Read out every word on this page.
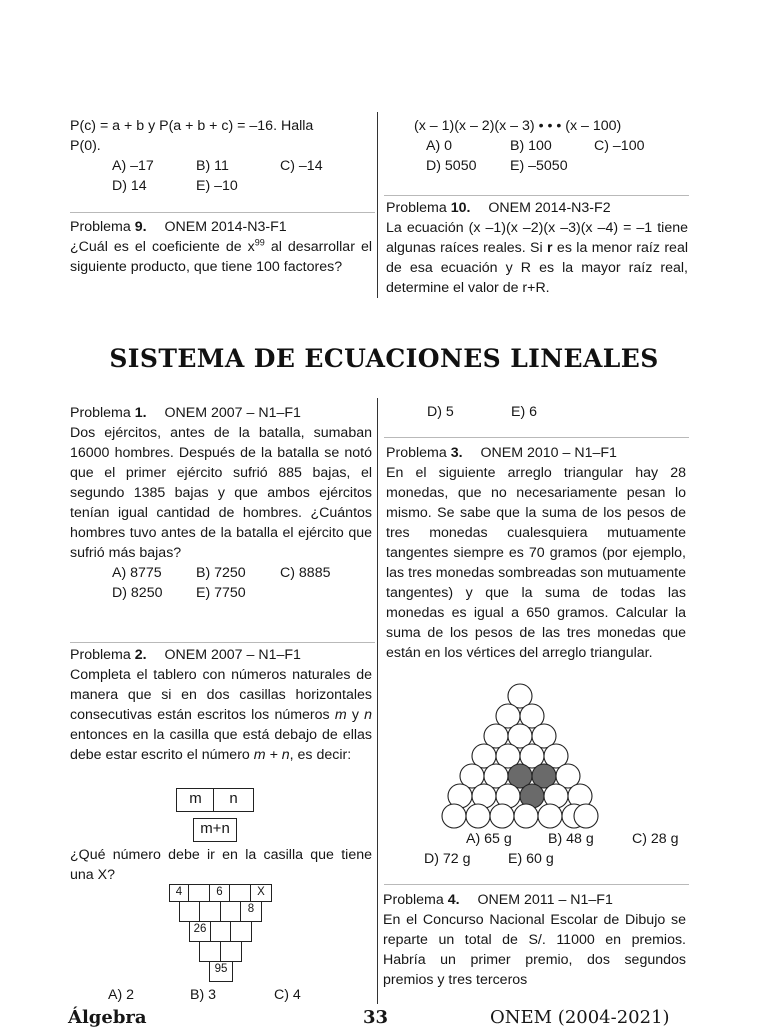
P(c) = a + b y P(a + b + c) = –16. Halla
P(0).
A) –17	B) 11	C) –14
D) 14	E) –10
Problema 9. ONEM 2014-N3-F1

¿Cuál es el coeficiente de $x^{99}$ al desarrollar el siguiente producto, que tiene 100 factores?

(x – 1)(x – 2)(x – 3) • • • (x – 100)
A) 0	B) 100	C) –100
D) 5050 E) –5050
Problema 10. ONEM 2014-N3-F2

La ecuación (x –1)(x –2)(x –3)(x –4) = –1 tiene algunas raíces reales. Si r es la menor raíz real de esa ecuación y R es la mayor raíz real, determine el valor de r+R.

SISTEMA DE ECUACIONES LINEALES
Problema 1. ONEM 2007 – N1–F1

Dos ejércitos, antes de la batalla, sumaban 16000 hombres. Después de la batalla se notó que el primer ejército sufrió 885 bajas, el segundo 1385 bajas y que ambos ejércitos tenían igual cantidad de hombres. ¿Cuántos hombres tuvo antes de la batalla el ejército que sufrió más bajas?

A) 8775 B) 7250 C) 8885
D) 8250 E) 7750
Problema 2. ONEM 2007 – N1–F1

Completa el tablero con números naturales de manera que si en dos casillas horizontales consecutivas están escritos los números m y n entonces en la casilla que está debajo de ellas debe estar escrito el número m + n, es decir:

m	n
m+n

¿Qué número debe ir en la casilla que tiene una X?

4	6	X
8
26
95
A) 2	B) 3	C) 4
D) 5	E) 6
Problema 3. ONEM 2010 – N1–F1

En el siguiente arreglo triangular hay 28 monedas, que no necesariamente pesan lo mismo. Se sabe que la suma de los pesos de tres monedas cualesquiera mutuamente tangentes siempre es 70 gramos (por ejemplo, las tres monedas sombreadas son mutuamente tangentes) y que la suma de todas las monedas es igual a 650 gramos. Calcular la suma de los pesos de las tres monedas que están en los vértices del arreglo triangular.

A) 65 g	B) 48 g	C) 28 g
D) 72 g	E) 60 g
Problema 4. ONEM 2011 – N1–F1

En el Concurso Nacional Escolar de Dibujo se reparte un total de S/. 11000 en premios. Habría un primer premio, dos segundos premios y tres terceros

Álgebra	33	ONEM (2004-2021)
